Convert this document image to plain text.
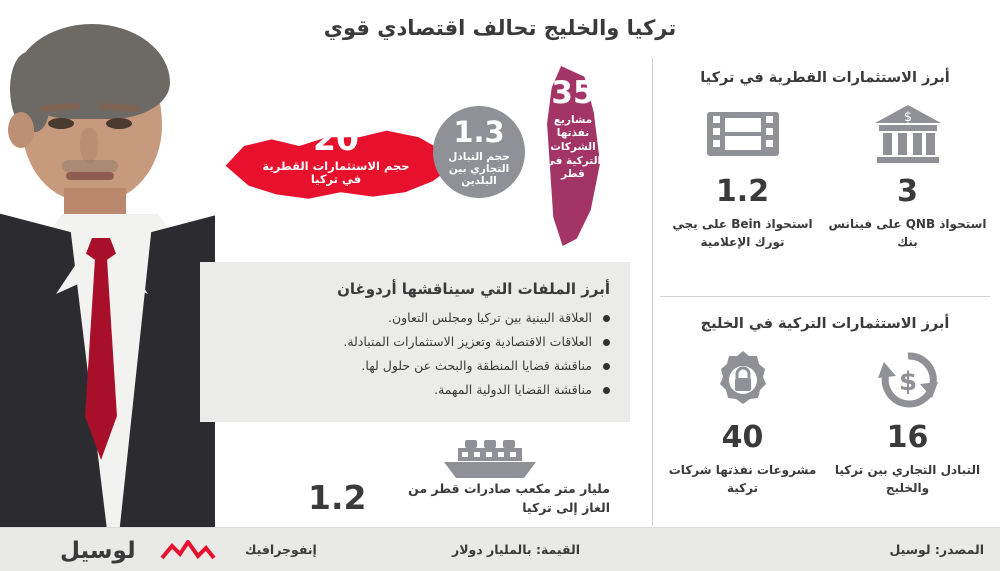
تركيا والخليج تحالف اقتصادي قوي
20
حجم الاستثمارات القطرية في تركيا
1.3
حجم التبادل التجاري بين البلدين
35
مشاريع نفذتها الشركات التركية في قطر
أبرز الملفات التي سيناقشها أردوغان
العلاقة البينية بين تركيا ومجلس التعاون.
العلاقات الاقتصادية وتعزيز الاستثمارات المتبادلة.
مناقشة قضايا المنطقة والبحث عن حلول لها.
مناقشة القضايا الدولية المهمة.
1.2	مليار متر مكعب صادرات قطر من الغاز إلى تركيا
أبرز الاستثمارات القطرية في تركيا
$
3
استحواذ QNB على فينانس بنك
1.2
استحواذ Bein على يجي تورك الإعلامية
أبرز الاستثمارات التركية في الخليج
$
16
التبادل التجاري بين تركيا والخليج
40
مشروعات نفذتها شركات تركية
المصدر: لوسيل
القيمة: بالمليار دولار
إنفوجرافيك
لوسيل
